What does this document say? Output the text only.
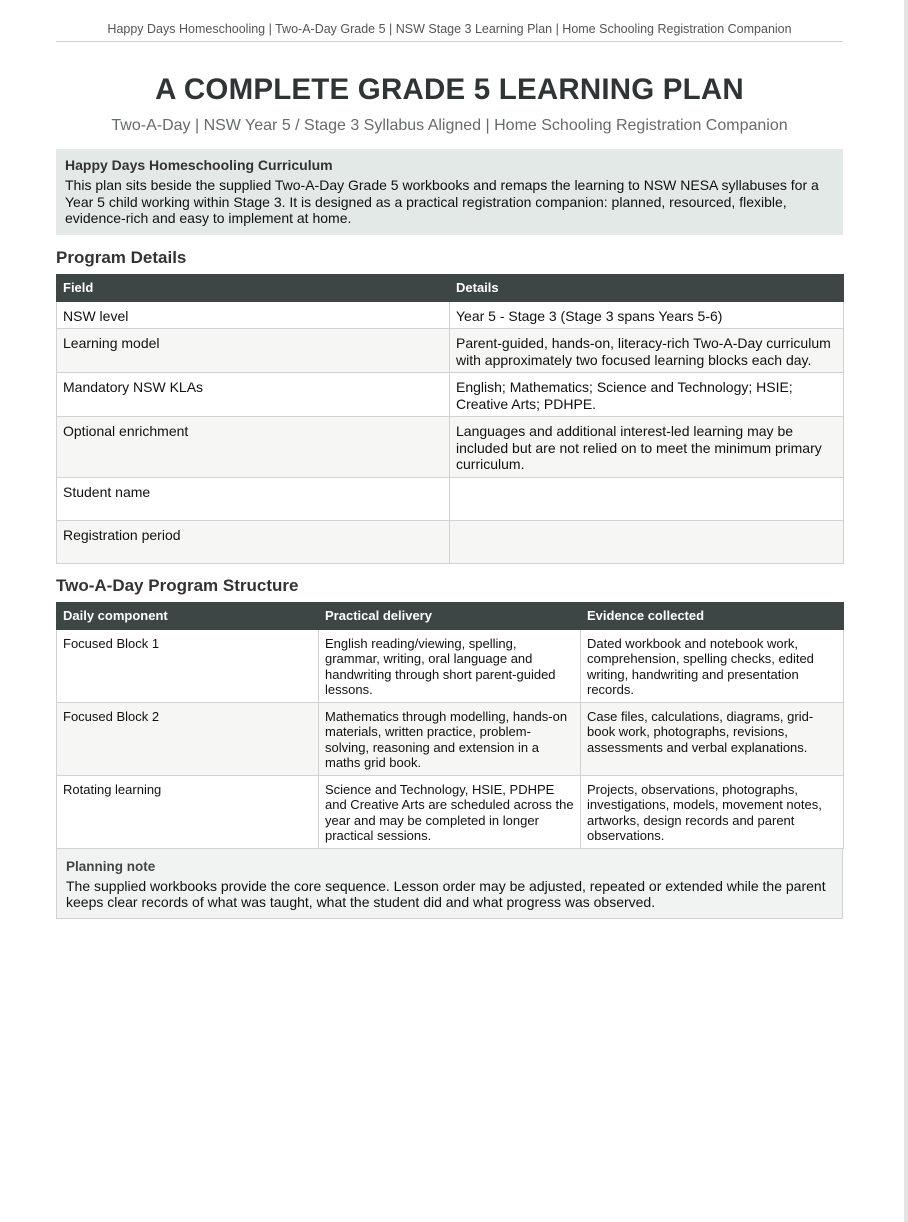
Happy Days Homeschooling | Two-A-Day Grade 5 | NSW Stage 3 Learning Plan | Home Schooling Registration Companion
A COMPLETE GRADE 5 LEARNING PLAN
Two-A-Day | NSW Year 5 / Stage 3 Syllabus Aligned | Home Schooling Registration Companion
Happy Days Homeschooling Curriculum
This plan sits beside the supplied Two-A-Day Grade 5 workbooks and remaps the learning to NSW NESA syllabuses for a Year 5 child working within Stage 3. It is designed as a practical registration companion: planned, resourced, flexible, evidence-rich and easy to implement at home.
Program Details
Field	Details
NSW level	Year 5 - Stage 3 (Stage 3 spans Years 5-6)
Learning model	Parent-guided, hands-on, literacy-rich Two-A-Day curriculum with approximately two focused learning blocks each day.
Mandatory NSW KLAs	English; Mathematics; Science and Technology; HSIE; Creative Arts; PDHPE.
Optional enrichment	Languages and additional interest-led learning may be included but are not relied on to meet the minimum primary curriculum.
Student name	
Registration period	
Two-A-Day Program Structure
Daily component	Practical delivery	Evidence collected
Focused Block 1	English reading/viewing, spelling, grammar, writing, oral language and handwriting through short parent-guided lessons.	Dated workbook and notebook work, comprehension, spelling checks, edited writing, handwriting and presentation records.
Focused Block 2	Mathematics through modelling, hands-on materials, written practice, problem-solving, reasoning and extension in a maths grid book.	Case files, calculations, diagrams, grid-book work, photographs, revisions, assessments and verbal explanations.
Rotating learning	Science and Technology, HSIE, PDHPE and Creative Arts are scheduled across the year and may be completed in longer practical sessions.	Projects, observations, photographs, investigations, models, movement notes, artworks, design records and parent observations.
Planning note
The supplied workbooks provide the core sequence. Lesson order may be adjusted, repeated or extended while the parent keeps clear records of what was taught, what the student did and what progress was observed.
